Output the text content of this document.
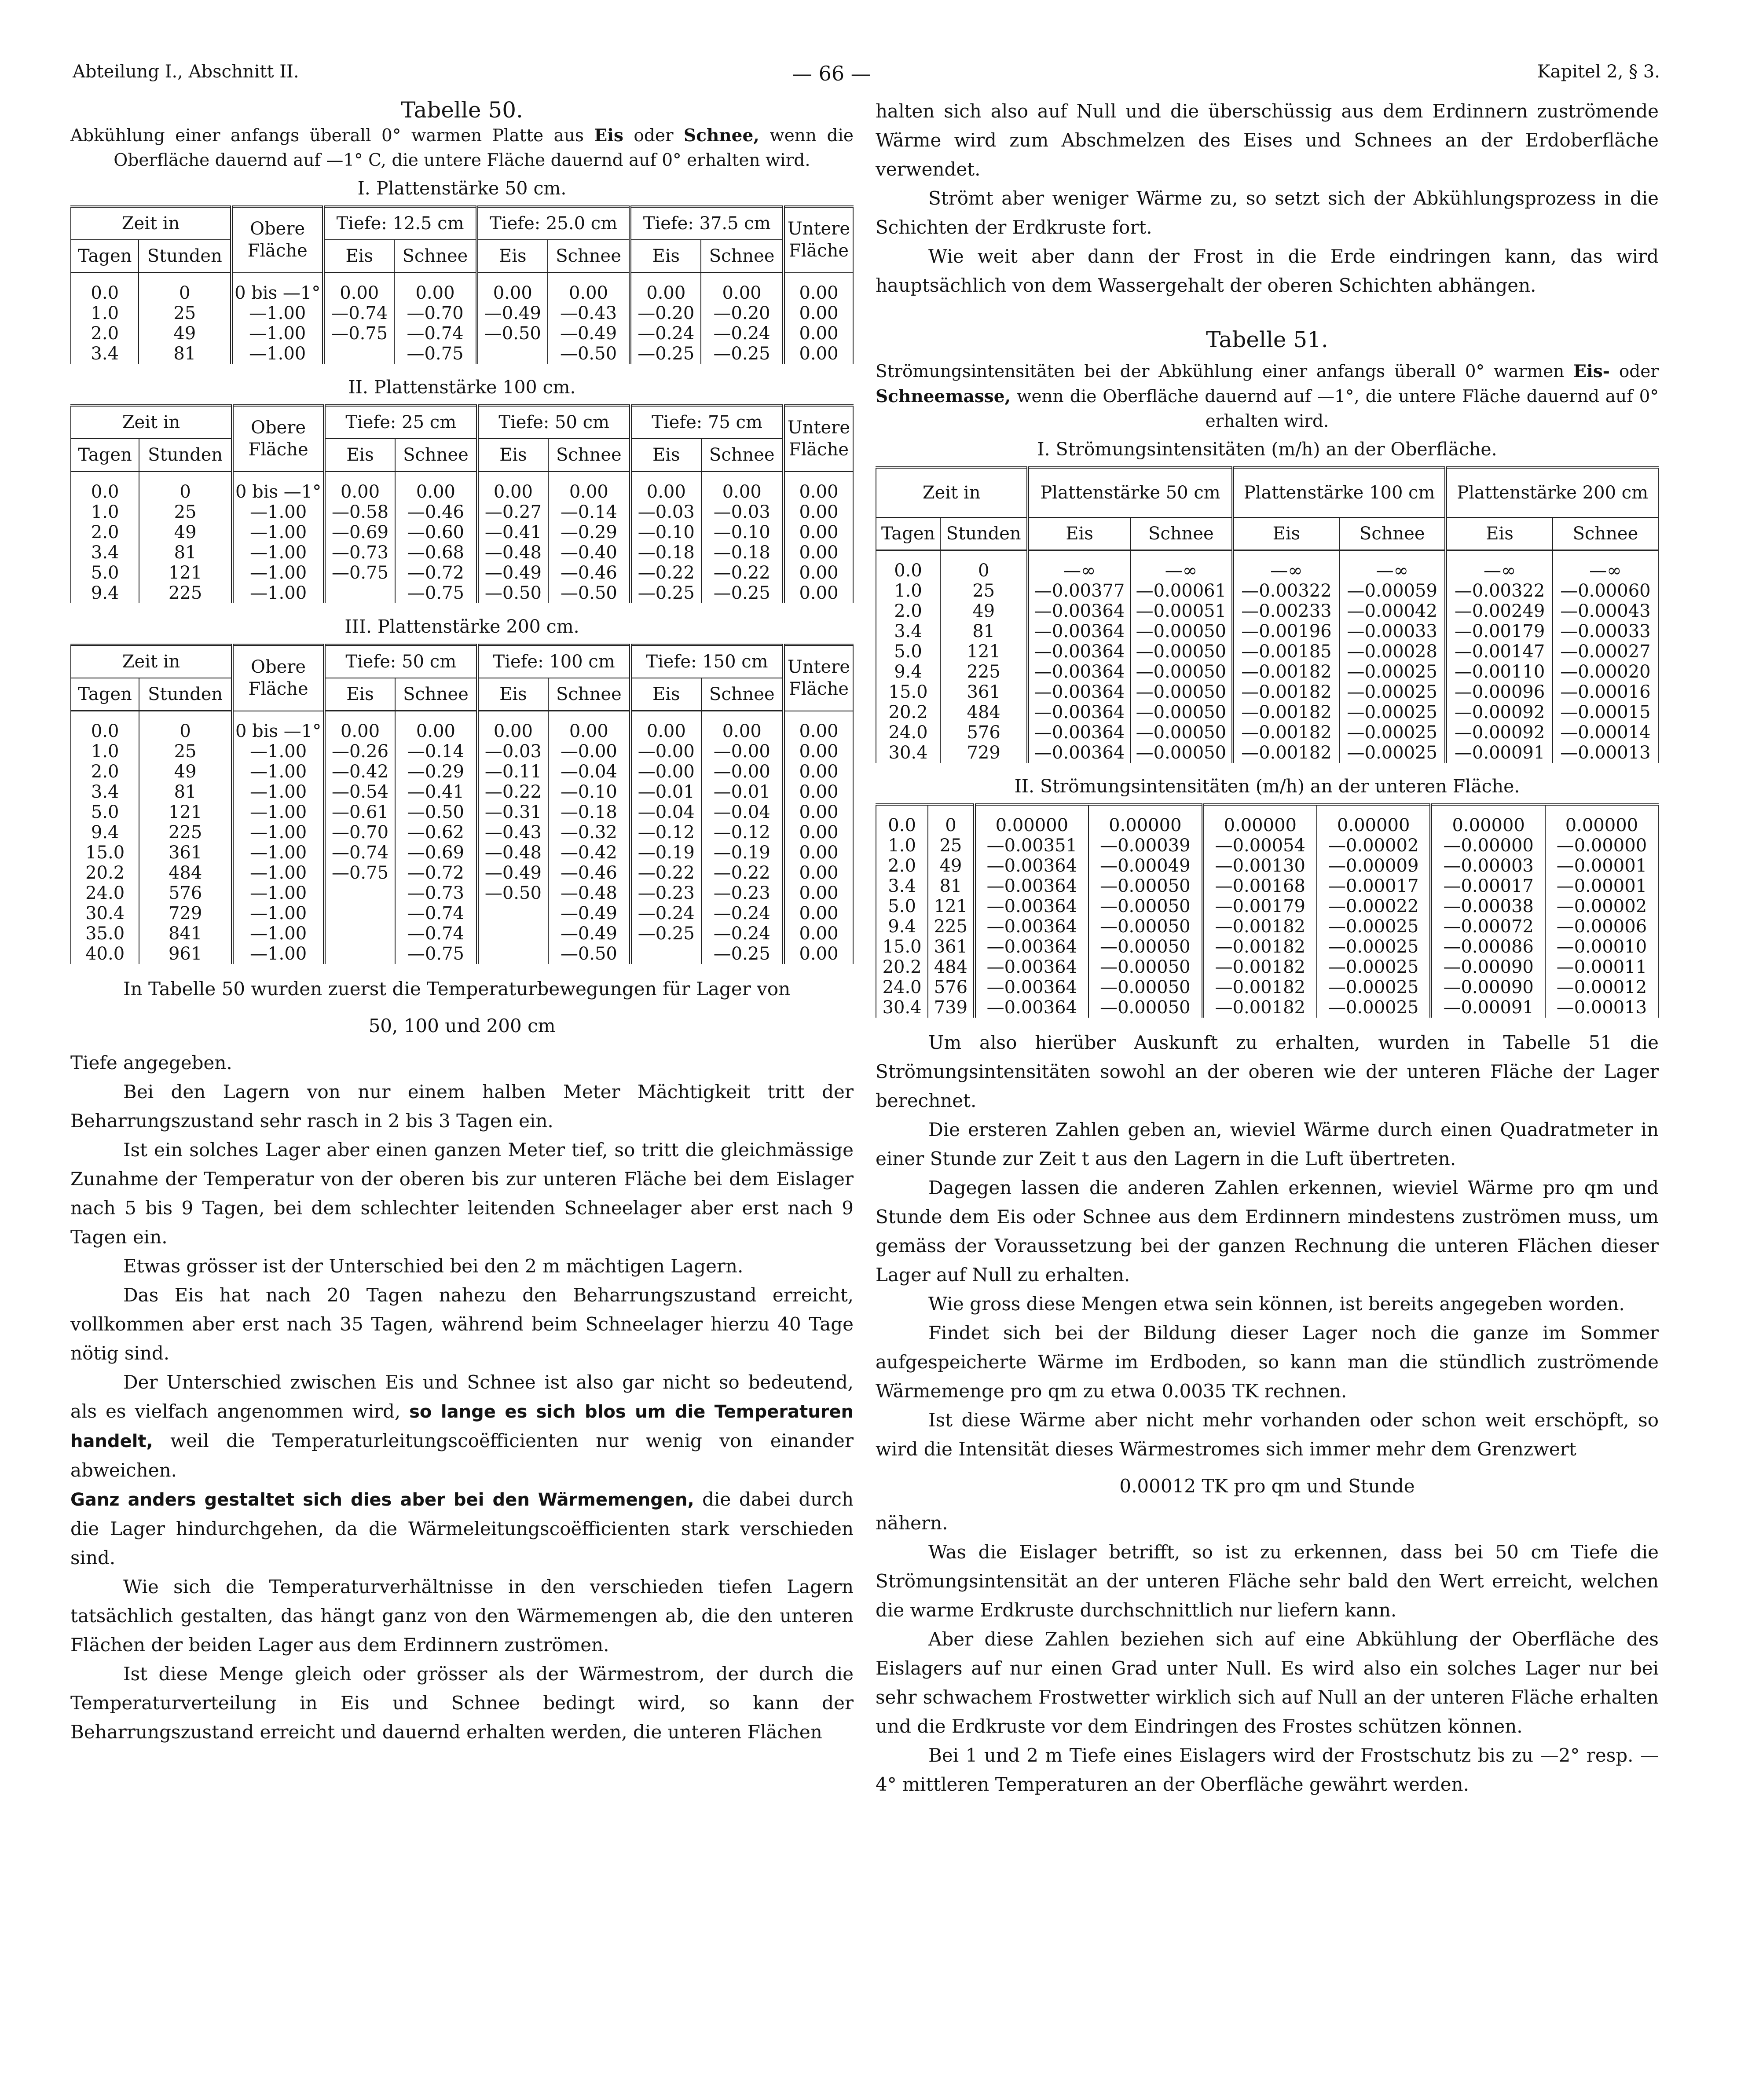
Abteilung I., Abschnitt II.	— 66 —	Kapitel 2, § 3.
Tabelle 50.
Abkühlung einer anfangs überall 0° warmen Platte aus Eis oder Schnee, wenn die Oberfläche dauernd auf —1° C, die untere Fläche dauernd auf 0° erhalten wird.
I. Plattenstärke 50 cm.
Zeit in		Obere Fläche	Tiefe: 12.5 cm		Tiefe: 25.0 cm		Tiefe: 37.5 cm		Untere Fläche
Tagen	Stunden		Eis	Schnee	Eis	Schnee	Eis	Schnee	
0.0	0	0 bis —1°	0.00	0.00	0.00	0.00	0.00	0.00	0.00
1.0	25	—1.00	—0.74	—0.70	—0.49	—0.43	—0.20	—0.20	0.00
2.0	49	—1.00	—0.75	—0.74	—0.50	—0.49	—0.24	—0.24	0.00
3.4	81	—1.00		—0.75		—0.50	—0.25	—0.25	0.00
II. Plattenstärke 100 cm.
Zeit in		Obere Fläche	Tiefe: 25 cm		Tiefe: 50 cm		Tiefe: 75 cm		Untere Fläche
Tagen	Stunden		Eis	Schnee	Eis	Schnee	Eis	Schnee	
0.0	0	0 bis —1°	0.00	0.00	0.00	0.00	0.00	0.00	0.00
1.0	25	—1.00	—0.58	—0.46	—0.27	—0.14	—0.03	—0.03	0.00
2.0	49	—1.00	—0.69	—0.60	—0.41	—0.29	—0.10	—0.10	0.00
3.4	81	—1.00	—0.73	—0.68	—0.48	—0.40	—0.18	—0.18	0.00
5.0	121	—1.00	—0.75	—0.72	—0.49	—0.46	—0.22	—0.22	0.00
9.4	225	—1.00		—0.75	—0.50	—0.50	—0.25	—0.25	0.00
III. Plattenstärke 200 cm.
Zeit in		Obere Fläche	Tiefe: 50 cm		Tiefe: 100 cm		Tiefe: 150 cm		Untere Fläche
Tagen	Stunden		Eis	Schnee	Eis	Schnee	Eis	Schnee	
0.0	0	0 bis —1°	0.00	0.00	0.00	0.00	0.00	0.00	0.00
1.0	25	—1.00	—0.26	—0.14	—0.03	—0.00	—0.00	—0.00	0.00
2.0	49	—1.00	—0.42	—0.29	—0.11	—0.04	—0.00	—0.00	0.00
3.4	81	—1.00	—0.54	—0.41	—0.22	—0.10	—0.01	—0.01	0.00
5.0	121	—1.00	—0.61	—0.50	—0.31	—0.18	—0.04	—0.04	0.00
9.4	225	—1.00	—0.70	—0.62	—0.43	—0.32	—0.12	—0.12	0.00
15.0	361	—1.00	—0.74	—0.69	—0.48	—0.42	—0.19	—0.19	0.00
20.2	484	—1.00	—0.75	—0.72	—0.49	—0.46	—0.22	—0.22	0.00
24.0	576	—1.00		—0.73	—0.50	—0.48	—0.23	—0.23	0.00
30.4	729	—1.00		—0.74		—0.49	—0.24	—0.24	0.00
35.0	841	—1.00		—0.74		—0.49	—0.25	—0.24	0.00
40.0	961	—1.00		—0.75		—0.50		—0.25	0.00

In Tabelle 50 wurden zuerst die Temperaturbewegungen für Lager von

50, 100 und 200 cm

Tiefe angegeben.

Bei den Lagern von nur einem halben Meter Mächtigkeit tritt der Beharrungszustand sehr rasch in 2 bis 3 Tagen ein.

Ist ein solches Lager aber einen ganzen Meter tief, so tritt die gleichmässige Zunahme der Temperatur von der oberen bis zur unteren Fläche bei dem Eislager nach 5 bis 9 Tagen, bei dem schlechter leitenden Schneelager aber erst nach 9 Tagen ein.

Etwas grösser ist der Unterschied bei den 2 m mächtigen Lagern.

Das Eis hat nach 20 Tagen nahezu den Beharrungszustand erreicht, vollkommen aber erst nach 35 Tagen, während beim Schneelager hierzu 40 Tage nötig sind.

Der Unterschied zwischen Eis und Schnee ist also gar nicht so bedeutend, als es vielfach angenommen wird, so lange es sich blos um die Temperaturen handelt, weil die Temperaturleitungscoëfficienten nur wenig von einander abweichen.

Ganz anders gestaltet sich dies aber bei den Wärmemengen, die dabei durch die Lager hindurchgehen, da die Wärmeleitungscoëfficienten stark verschieden sind.

Wie sich die Temperaturverhältnisse in den verschieden tiefen Lagern tatsächlich gestalten, das hängt ganz von den Wärmemengen ab, die den unteren Flächen der beiden Lager aus dem Erdinnern zuströmen.

Ist diese Menge gleich oder grösser als der Wärmestrom, der durch die Temperaturverteilung in Eis und Schnee bedingt wird, so kann der Beharrungszustand erreicht und dauernd erhalten werden, die unteren Flächen

halten sich also auf Null und die überschüssig aus dem Erdinnern zuströmende Wärme wird zum Abschmelzen des Eises und Schnees an der Erdoberfläche verwendet.

Strömt aber weniger Wärme zu, so setzt sich der Abkühlungsprozess in die Schichten der Erdkruste fort.

Wie weit aber dann der Frost in die Erde eindringen kann, das wird hauptsächlich von dem Wassergehalt der oberen Schichten abhängen.

Tabelle 51.
Strömungsintensitäten bei der Abkühlung einer anfangs überall 0° warmen Eis- oder Schneemasse, wenn die Oberfläche dauernd auf —1°, die untere Fläche dauernd auf 0° erhalten wird.
I. Strömungsintensitäten (m/h) an der Oberfläche.
Zeit in		Plattenstärke 50 cm		Plattenstärke 100 cm		Plattenstärke 200 cm	
Tagen	Stunden	Eis	Schnee	Eis	Schnee	Eis	Schnee
0.0	0	—∞	—∞	—∞	—∞	—∞	—∞
1.0	25	—0.00377	—0.00061	—0.00322	—0.00059	—0.00322	—0.00060
2.0	49	—0.00364	—0.00051	—0.00233	—0.00042	—0.00249	—0.00043
3.4	81	—0.00364	—0.00050	—0.00196	—0.00033	—0.00179	—0.00033
5.0	121	—0.00364	—0.00050	—0.00185	—0.00028	—0.00147	—0.00027
9.4	225	—0.00364	—0.00050	—0.00182	—0.00025	—0.00110	—0.00020
15.0	361	—0.00364	—0.00050	—0.00182	—0.00025	—0.00096	—0.00016
20.2	484	—0.00364	—0.00050	—0.00182	—0.00025	—0.00092	—0.00015
24.0	576	—0.00364	—0.00050	—0.00182	—0.00025	—0.00092	—0.00014
30.4	729	—0.00364	—0.00050	—0.00182	—0.00025	—0.00091	—0.00013
II. Strömungsintensitäten (m/h) an der unteren Fläche.
0.0	0	0.00000	0.00000	0.00000	0.00000	0.00000	0.00000
1.0	25	—0.00351	—0.00039	—0.00054	—0.00002	—0.00000	—0.00000
2.0	49	—0.00364	—0.00049	—0.00130	—0.00009	—0.00003	—0.00001
3.4	81	—0.00364	—0.00050	—0.00168	—0.00017	—0.00017	—0.00001
5.0	121	—0.00364	—0.00050	—0.00179	—0.00022	—0.00038	—0.00002
9.4	225	—0.00364	—0.00050	—0.00182	—0.00025	—0.00072	—0.00006
15.0	361	—0.00364	—0.00050	—0.00182	—0.00025	—0.00086	—0.00010
20.2	484	—0.00364	—0.00050	—0.00182	—0.00025	—0.00090	—0.00011
24.0	576	—0.00364	—0.00050	—0.00182	—0.00025	—0.00090	—0.00012
30.4	739	—0.00364	—0.00050	—0.00182	—0.00025	—0.00091	—0.00013

Um also hierüber Auskunft zu erhalten, wurden in Tabelle 51 die Strömungsintensitäten sowohl an der oberen wie der unteren Fläche der Lager berechnet.

Die ersteren Zahlen geben an, wieviel Wärme durch einen Quadratmeter in einer Stunde zur Zeit t aus den Lagern in die Luft übertreten.

Dagegen lassen die anderen Zahlen erkennen, wieviel Wärme pro qm und Stunde dem Eis oder Schnee aus dem Erdinnern mindestens zuströmen muss, um gemäss der Voraussetzung bei der ganzen Rechnung die unteren Flächen dieser Lager auf Null zu erhalten.

Wie gross diese Mengen etwa sein können, ist bereits angegeben worden.

Findet sich bei der Bildung dieser Lager noch die ganze im Sommer aufgespeicherte Wärme im Erdboden, so kann man die stündlich zuströmende Wärmemenge pro qm zu etwa 0.0035 TK rechnen.

Ist diese Wärme aber nicht mehr vorhanden oder schon weit erschöpft, so wird die Intensität dieses Wärmestromes sich immer mehr dem Grenzwert

0.00012 TK pro qm und Stunde

nähern.

Was die Eislager betrifft, so ist zu erkennen, dass bei 50 cm Tiefe die Strömungsintensität an der unteren Fläche sehr bald den Wert erreicht, welchen die warme Erdkruste durchschnittlich nur liefern kann.

Aber diese Zahlen beziehen sich auf eine Abkühlung der Oberfläche des Eislagers auf nur einen Grad unter Null. Es wird also ein solches Lager nur bei sehr schwachem Frostwetter wirklich sich auf Null an der unteren Fläche erhalten und die Erdkruste vor dem Eindringen des Frostes schützen können.

Bei 1 und 2 m Tiefe eines Eislagers wird der Frostschutz bis zu —2° resp. —4° mittleren Temperaturen an der Oberfläche gewährt werden.
